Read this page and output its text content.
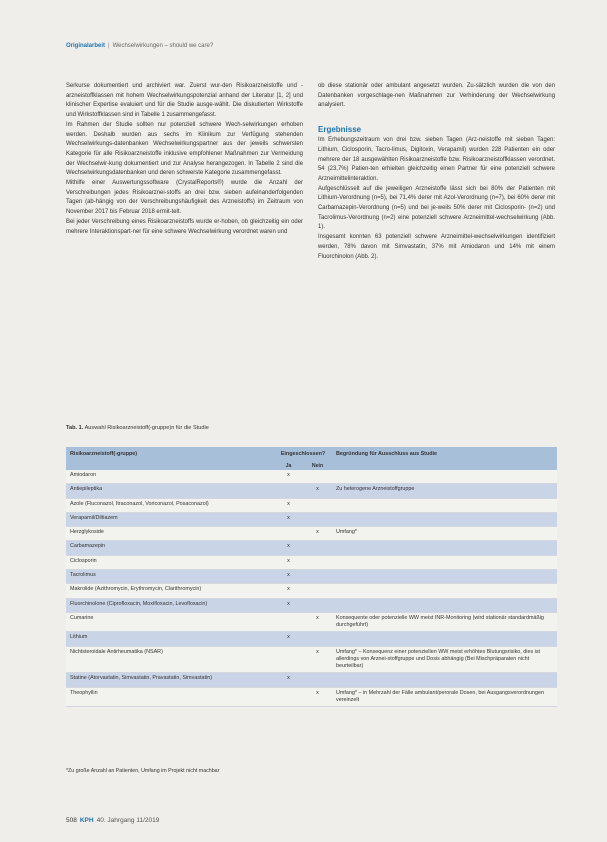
Originalarbeit | Wechselwirkungen – should we care?

Serkurse dokumentiert und archiviert war. Zuerst wur-den Risikoarzneistoffe und -arzneistoffklassen mit hohem Wechselwirkungspotenzial anhand der Literatur [1, 2] und klinischer Expertise evaluiert und für die Studie ausge-wählt. Die diskutierten Wirkstoffe und Wirkstoffklassen sind in Tabelle 1 zusammengefasst.

Im Rahmen der Studie sollten nur potenziell schwere Wech-selwirkungen erhoben werden. Deshalb wurden aus sechs im Klinikum zur Verfügung stehenden Wechselwirkungs-datenbanken Wechselwirkungspartner aus der jeweils schwersten Kategorie für alle Risikoarzneistoffe inklusive empfohlener Maßnahmen zur Vermeidung der Wechselwir-kung dokumentiert und zur Analyse herangezogen. In Tabelle 2 sind die Wechselwirkungsdatenbanken und deren schwerste Kategorie zusammengefasst.

Mithilfe einer Auswertungssoftware (CrystalReports®) wurde die Anzahl der Verschreibungen jedes Risikoarznei-stoffs an drei bzw. sieben aufeinanderfolgenden Tagen (ab-hängig von der Verschreibungshäufigkeit des Arzneistoffs) im Zeitraum von November 2017 bis Februar 2018 ermit-telt.

Bei jeder Verschreibung eines Risikoarzneistoffs wurde er-hoben, ob gleichzeitig ein oder mehrere Interaktionspart-ner für eine schwere Wechselwirkung verordnet waren und

ob diese stationär oder ambulant angesetzt wurden. Zu-sätzlich wurden die von den Datenbanken vorgeschlage-nen Maßnahmen zur Verhinderung der Wechselwirkung analysiert.

Ergebnisse

Im Erhebungszeitraum von drei bzw. sieben Tagen (Arz-neistoffe mit sieben Tagen: Lithium, Ciclosporin, Tacro-limus, Digitoxin, Verapamil) wurden 228 Patienten ein oder mehrere der 18 ausgewählten Risikoarzneistoffe bzw. Risikoarzneistoffklassen verordnet. 54 (23,7%) Patien-ten erhielten gleichzeitig einen Partner für eine potenziell schwere Arzneimittelinteraktion.

Aufgeschlüsselt auf die jeweiligen Arzneistoffe lässt sich bei 80% der Patienten mit Lithium-Verordnung (n=5), bei 71,4% derer mit Azol-Verordnung (n=7), bei 60% derer mit Carbamazepin-Verordnung (n=5) und bei je-weils 50% derer mit Ciclosporin- (n=2) und Tacrolimus-Verordnung (n=2) eine potenziell schwere Arzneimittel-wechselwirkung (Abb. 1).

Insgesamt konnten 63 potenziell schwere Arzneimittel-wechselwirkungen identifiziert werden, 78% davon mit Simvastatin, 37% mit Amiodaron und 14% mit einem Fluorchinolon (Abb. 2).

Tab. 1. Auswahl Risikoarzneistoff(-gruppe)n für die Studie
Risikoarzneistoff(-gruppe)	Eingeschlossen?		Begründung für Ausschluss aus Studie
	Ja	Nein	
Amiodaron	x		
Antiepileptika		x	Zu heterogene Arzneistoffgruppe
Azole (Fluconazol, Itraconazol, Voriconazol, Posaconazol)	x		
Verapamil/Diltiazem	x		
Herzglykoside		x	Umfang*
Carbamazepin	x		
Ciclosporin	x		
Tacrolimus	x		
Makrolide (Azithromycin, Erythromycin, Clarithromycin)	x		
Fluorchinolone (Ciprofloxacin, Moxifloxacin, Levofloxacin)	x		
Cumarine		x	Konsequente oder potenzielle WW meist INR-Monitoring (wird stationär standardmäßig durchgeführt)
Lithium	x		
Nichtsteroidale Antirheumatika (NSAR)		x	Umfang* – Konsequenz einer potenziellen WW meist erhöhtes Blutungsrisiko, dies ist allerdings von Arznei-stoffgruppe und Dosis abhängig (Bei Mischpräparaten nicht beurteilbar)
Statine (Atorvastatin, Simvastatin, Pravastatin, Simvastatin)	x		
Theophyllin		x	Umfang* – in Mehrzahl der Fälle ambulant/perorale Dosen, bei Ausgangsverordnungen vereinzelt
*Zu große Anzahl an Patienten, Umfang im Projekt nicht machbar
508 KPH 40. Jahrgang 11/2019
